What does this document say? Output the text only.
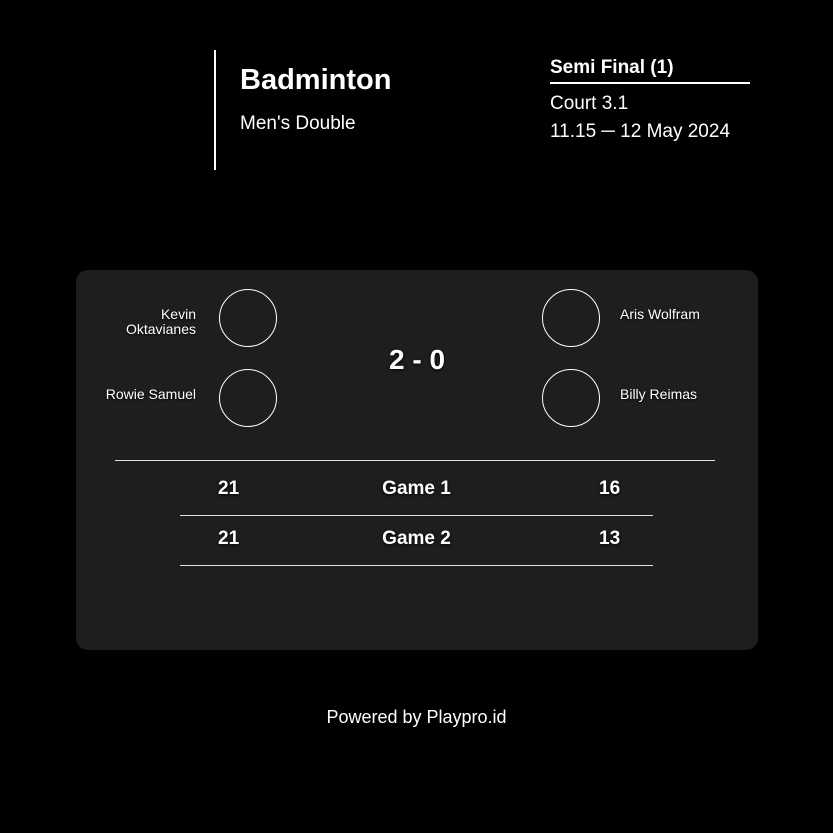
Badminton
Men's Double
Semi Final (1)
Court 3.1
11.15 ─ 12 May 2024
Kevin Oktavianes
Rowie Samuel
2 - 0
Aris Wolfram
Billy Reimas
21	Game 1	16
21	Game 2	13
Powered by Playpro.id
